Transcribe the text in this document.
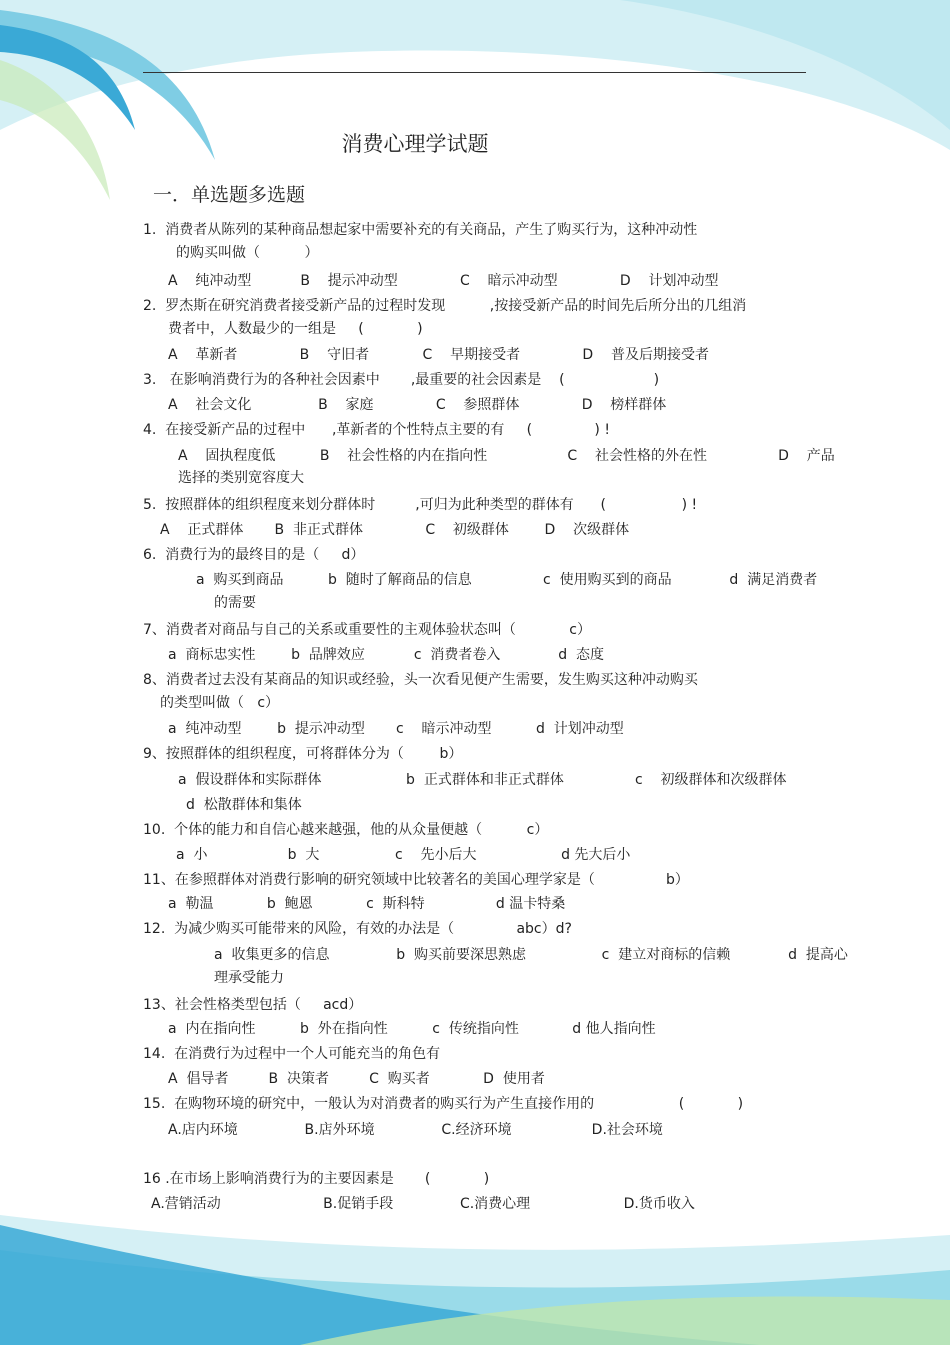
消费心理学试题
一．单选题多选题
1.  消费者从陈列的某种商品想起家中需要补充的有关商品，产生了购买行为，这种冲动性
的购买叫做（          ）
A    纯冲动型           B    提示冲动型              C    暗示冲动型              D    计划冲动型
2.  罗杰斯在研究消费者接受新产品的过程时发现          ,按接受新产品的时间先后所分出的几组消
费者中，人数最少的一组是     (            )
A    革新者              B    守旧者            C    早期接受者              D    普及后期接受者
3.   在影响消费行为的各种社会因素中       ,最重要的社会因素是    (                    )
A    社会文化               B    家庭              C    参照群体              D    榜样群体
4.  在接受新产品的过程中      ,革新者的个性特点主要的有     (              ) !
A    固执程度低          B    社会性格的内在指向性                  C    社会性格的外在性                D    产品
选择的类别宽容度大
5.  按照群体的组织程度来划分群体时         ,可归为此种类型的群体有      (                 ) !
A    正式群体       B  非正式群体              C    初级群体        D    次级群体
6.  消费行为的最终目的是（     d）
a  购买到商品          b  随时了解商品的信息                c  使用购买到的商品             d  满足消费者
的需要
7、消费者对商品与自己的关系或重要性的主观体验状态叫（            c）
a  商标忠实性        b  品牌效应           c  消费者卷入             d  态度
8、消费者过去没有某商品的知识或经验，头一次看见便产生需要，发生购买这种冲动购买
的类型叫做（   c）
a  纯冲动型        b  提示冲动型       c    暗示冲动型          d  计划冲动型
9、按照群体的组织程度，可将群体分为（        b）
a  假设群体和实际群体                   b  正式群体和非正式群体                c    初级群体和次级群体
d  松散群体和集体
10.  个体的能力和自信心越来越强，他的从众量便越（          c）
a  小                  b  大                 c    先小后大                   d 先大后小
11、在参照群体对消费行影响的研究领域中比较著名的美国心理学家是（                b）
a  勒温            b  鲍恩            c  斯科特                d 温卡特桑
12.  为减少购买可能带来的风险，有效的办法是（              abc）d?
a  收集更多的信息               b  购买前要深思熟虑                 c  建立对商标的信赖             d  提高心
理承受能力
13、社会性格类型包括（     acd）
a  内在指向性          b  外在指向性          c  传统指向性            d 他人指向性
14.  在消费行为过程中一个人可能充当的角色有
A  倡导者         B  决策者         C  购买者            D  使用者
15.  在购物环境的研究中，一般认为对消费者的购买行为产生直接作用的                   (            )
A.店内环境               B.店外环境               C.经济环境                  D.社会环境
16 .在市场上影响消费行为的主要因素是       (            )
A.营销活动                       B.促销手段               C.消费心理                     D.货币收入
